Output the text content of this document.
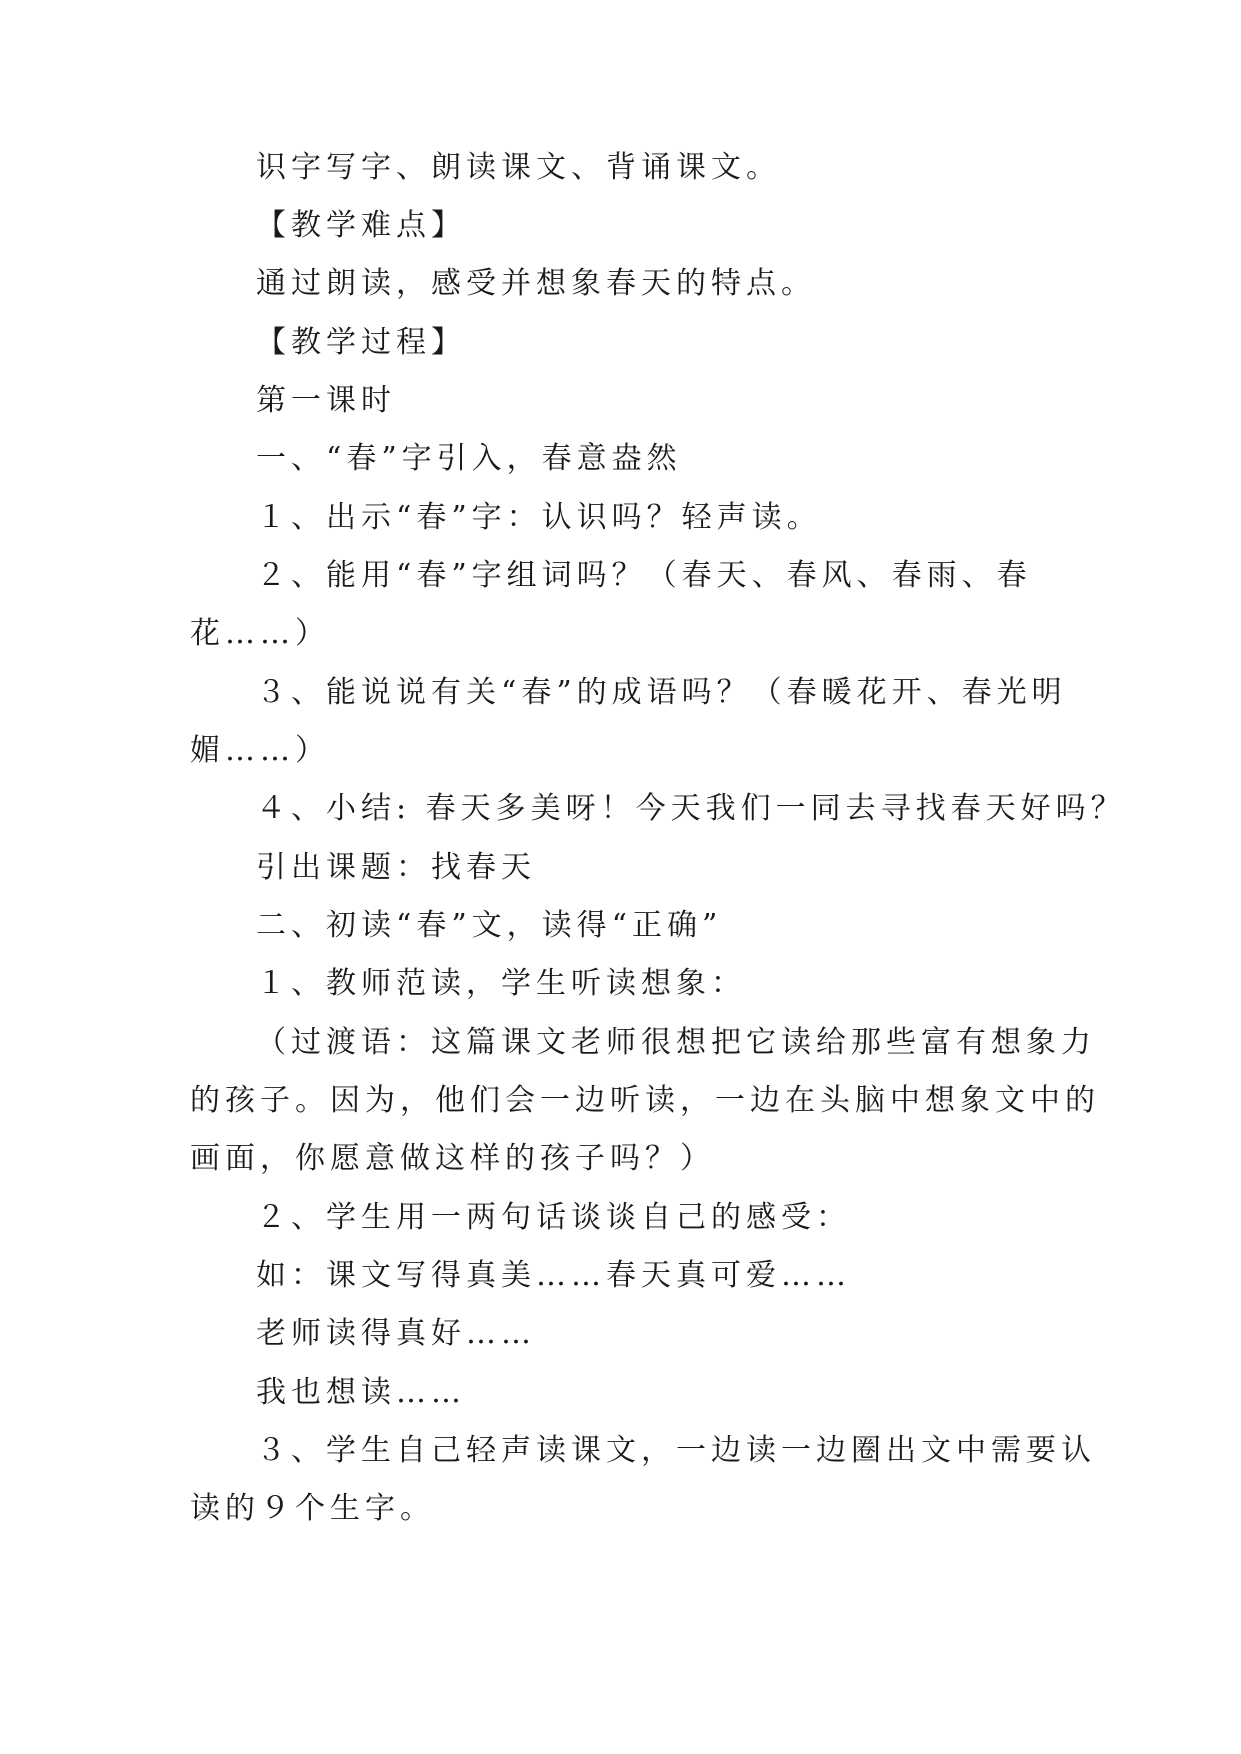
识字写字、朗读课文、背诵课文。
【教学难点】
通过朗读，感受并想象春天的特点。
【教学过程】
第一课时
一、“春”字引入，春意盎然
１、出示“春”字：认识吗？轻声读。
２、能用“春”字组词吗？（春天、春风、春雨、春
花……）
３、能说说有关“春”的成语吗？（春暖花开、春光明
媚……）
４、小结: 春天多美呀！今天我们一同去寻找春天好吗？
引出课题：找春天
二、初读“春”文，读得“正确”
１、教师范读，学生听读想象：
（过渡语：这篇课文老师很想把它读给那些富有想象力
的孩子。因为，他们会一边听读，一边在头脑中想象文中的
画面，你愿意做这样的孩子吗？）
２、学生用一两句话谈谈自己的感受：
如：课文写得真美……春天真可爱……
老师读得真好……
我也想读……
３、学生自己轻声读课文，一边读一边圈出文中需要认
读的９个生字。
